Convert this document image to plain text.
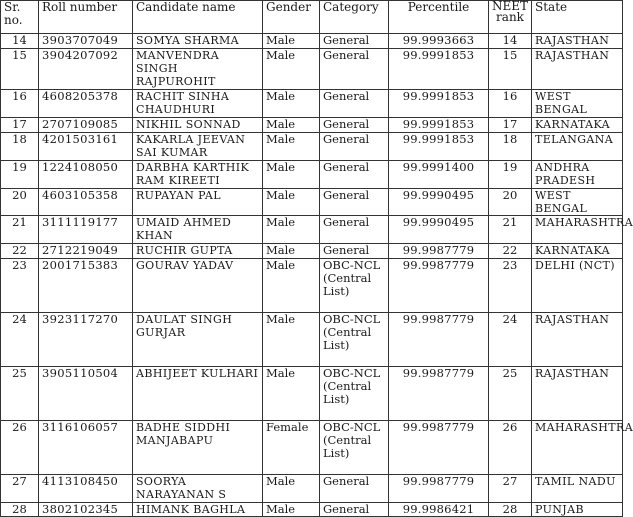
Sr. no.	Roll number	Candidate name	Gender	Category	Percentile	NEET rank	State
14	3903707049	SOMYA SHARMA	Male	General	99.9993663	14	RAJASTHAN
15	3904207092	MANVENDRA SINGH RAJPUROHIT	Male	General	99.9991853	15	RAJASTHAN
16	4608205378	RACHIT SINHA CHAUDHURI	Male	General	99.9991853	16	WEST BENGAL
17	2707109085	NIKHIL SONNAD	Male	General	99.9991853	17	KARNATAKA
18	4201503161	KAKARLA JEEVAN SAI KUMAR	Male	General	99.9991853	18	TELANGANA
19	1224108050	DARBHA KARTHIK RAM KIREETI	Male	General	99.9991400	19	ANDHRA PRADESH
20	4603105358	RUPAYAN PAL	Male	General	99.9990495	20	WEST BENGAL
21	3111119177	UMAID AHMED KHAN	Male	General	99.9990495	21	MAHARASHTRA
22	2712219049	RUCHIR GUPTA	Male	General	99.9987779	22	KARNATAKA
23	2001715383	GOURAV YADAV	Male	OBC-NCL (Central List)	99.9987779	23	DELHI (NCT)
24	3923117270	DAULAT SINGH GURJAR	Male	OBC-NCL (Central List)	99.9987779	24	RAJASTHAN
25	3905110504	ABHIJEET KULHARI	Male	OBC-NCL (Central List)	99.9987779	25	RAJASTHAN
26	3116106057	BADHE SIDDHI MANJABAPU	Female	OBC-NCL (Central List)	99.9987779	26	MAHARASHTRA
27	4113108450	SOORYA NARAYANAN S	Male	General	99.9987779	27	TAMIL NADU
28	3802102345	HIMANK BAGHLA	Male	General	99.9986421	28	PUNJAB
